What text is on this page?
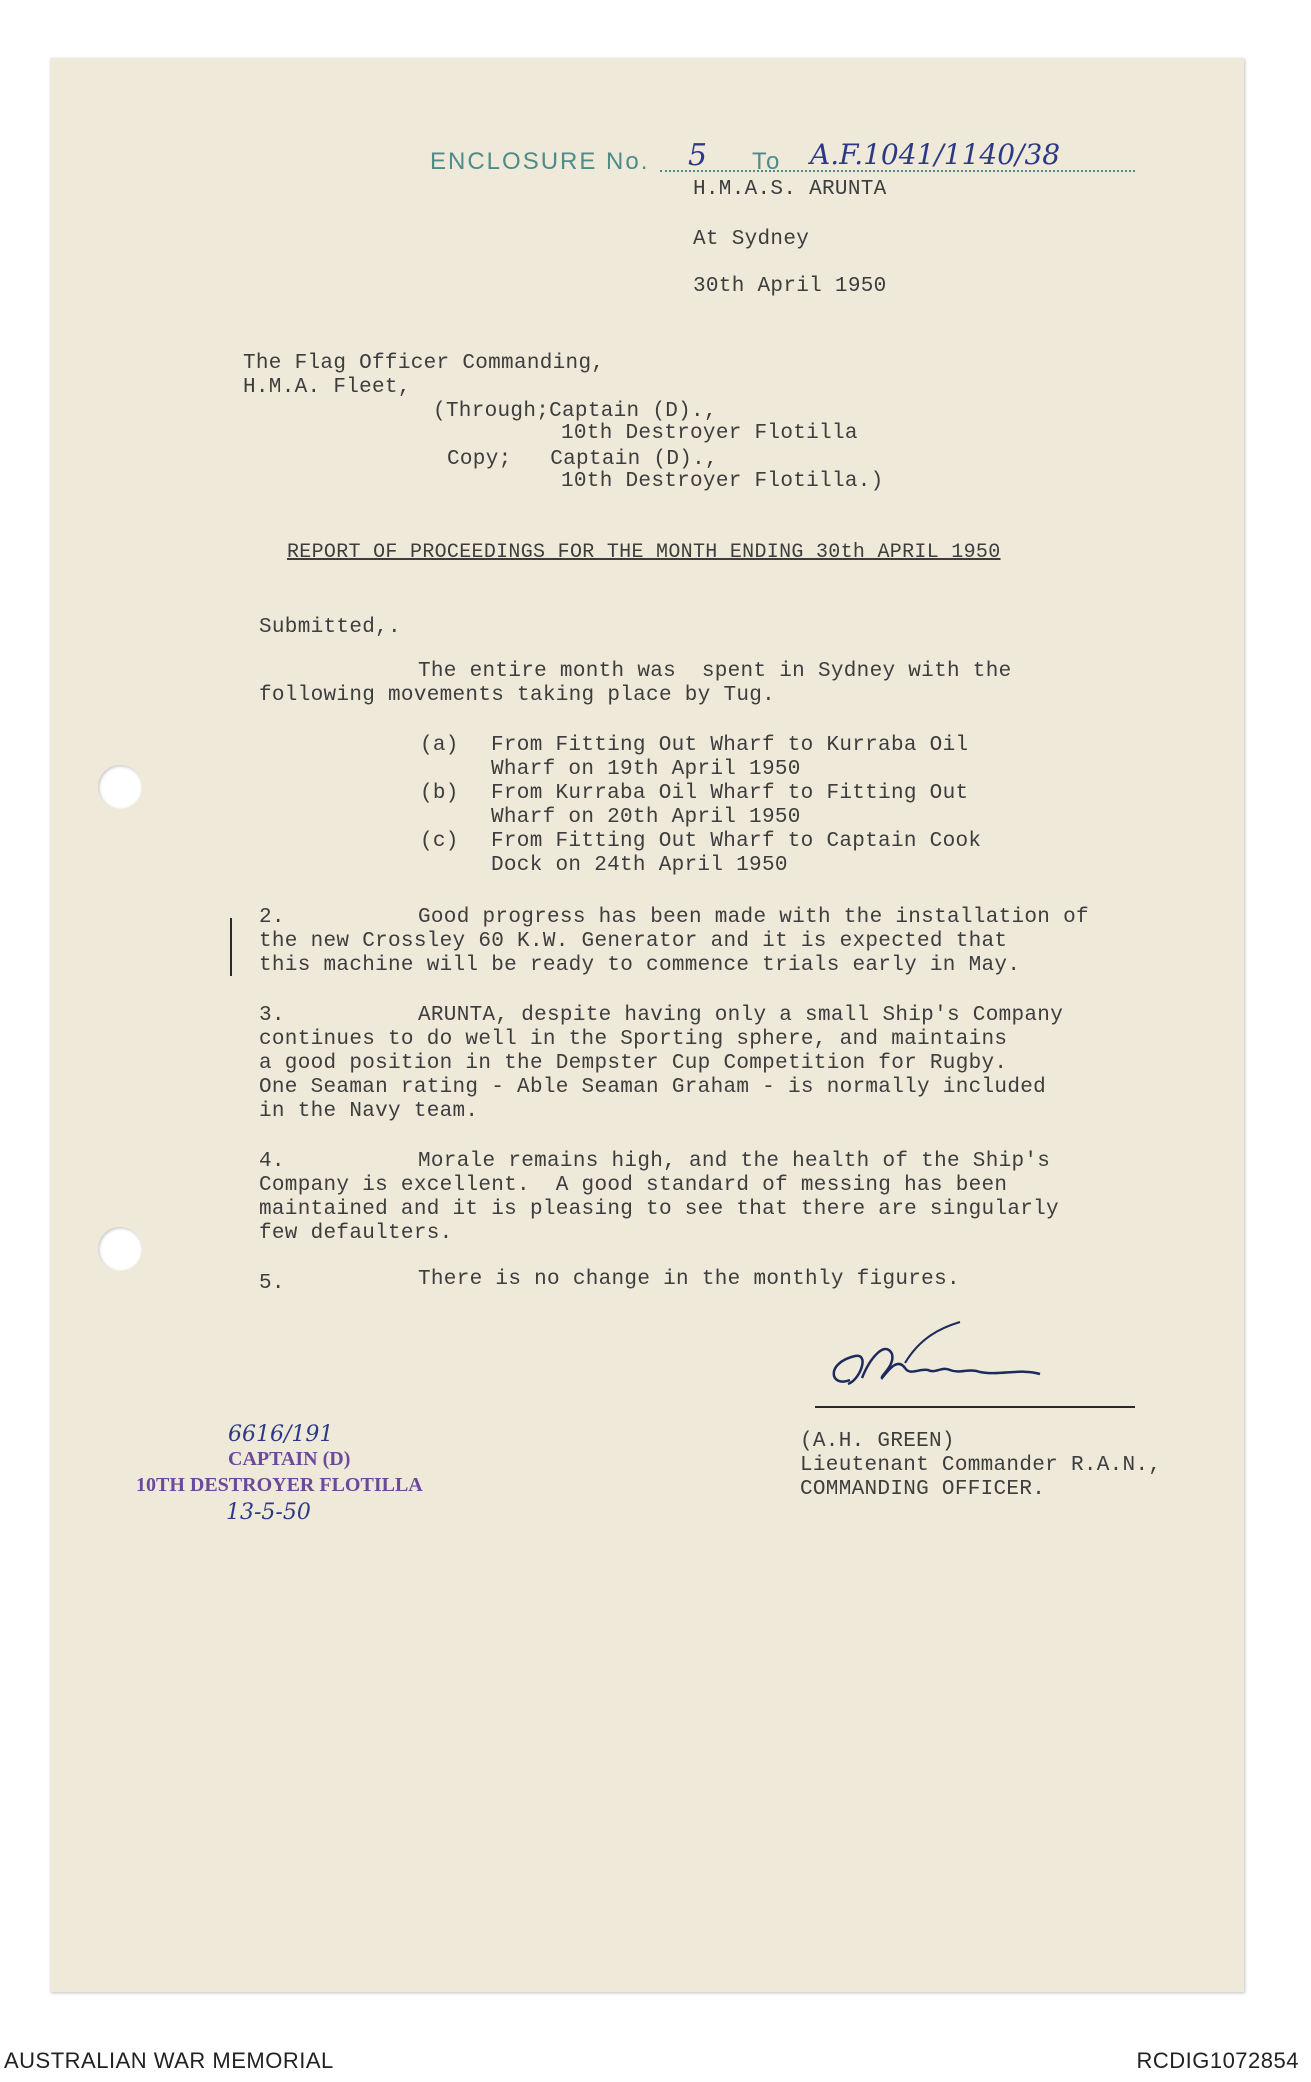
ENCLOSURE No. 5 To A.F.1041/1140/38
H.M.A.S. ARUNTA
At Sydney
30th April 1950
The Flag Officer Commanding,
H.M.A. Fleet,
(Through;Captain (D).,
10th Destroyer Flotilla
Copy;   Captain (D).,
10th Destroyer Flotilla.)
REPORT OF PROCEEDINGS FOR THE MONTH ENDING 30th APRIL 1950
Submitted,.
The entire month was  spent in Sydney with the
following movements taking place by Tug.
(a) From Fitting Out Wharf to Kurraba Oil
Wharf on 19th April 1950
(b) From Kurraba Oil Wharf to Fitting Out
Wharf on 20th April 1950
(c) From Fitting Out Wharf to Captain Cook
Dock on 24th April 1950
2.	Good progress has been made with the installation of
the new Crossley 60 K.W. Generator and it is expected that
this machine will be ready to commence trials early in May.
3.	ARUNTA, despite having only a small Ship's Company
continues to do well in the Sporting sphere, and maintains
a good position in the Dempster Cup Competition for Rugby.
One Seaman rating - Able Seaman Graham - is normally included
in the Navy team.
4.	Morale remains high, and the health of the Ship's
Company is excellent.  A good standard of messing has been
maintained and it is pleasing to see that there are singularly
few defaulters.
5.	There is no change in the monthly figures.
(A.H. GREEN)
Lieutenant Commander R.A.N.,
COMMANDING OFFICER.
6616/191
CAPTAIN (D)
10TH DESTROYER FLOTILLA
13-5-50
AUSTRALIAN WAR MEMORIAL	RCDIG1072854
